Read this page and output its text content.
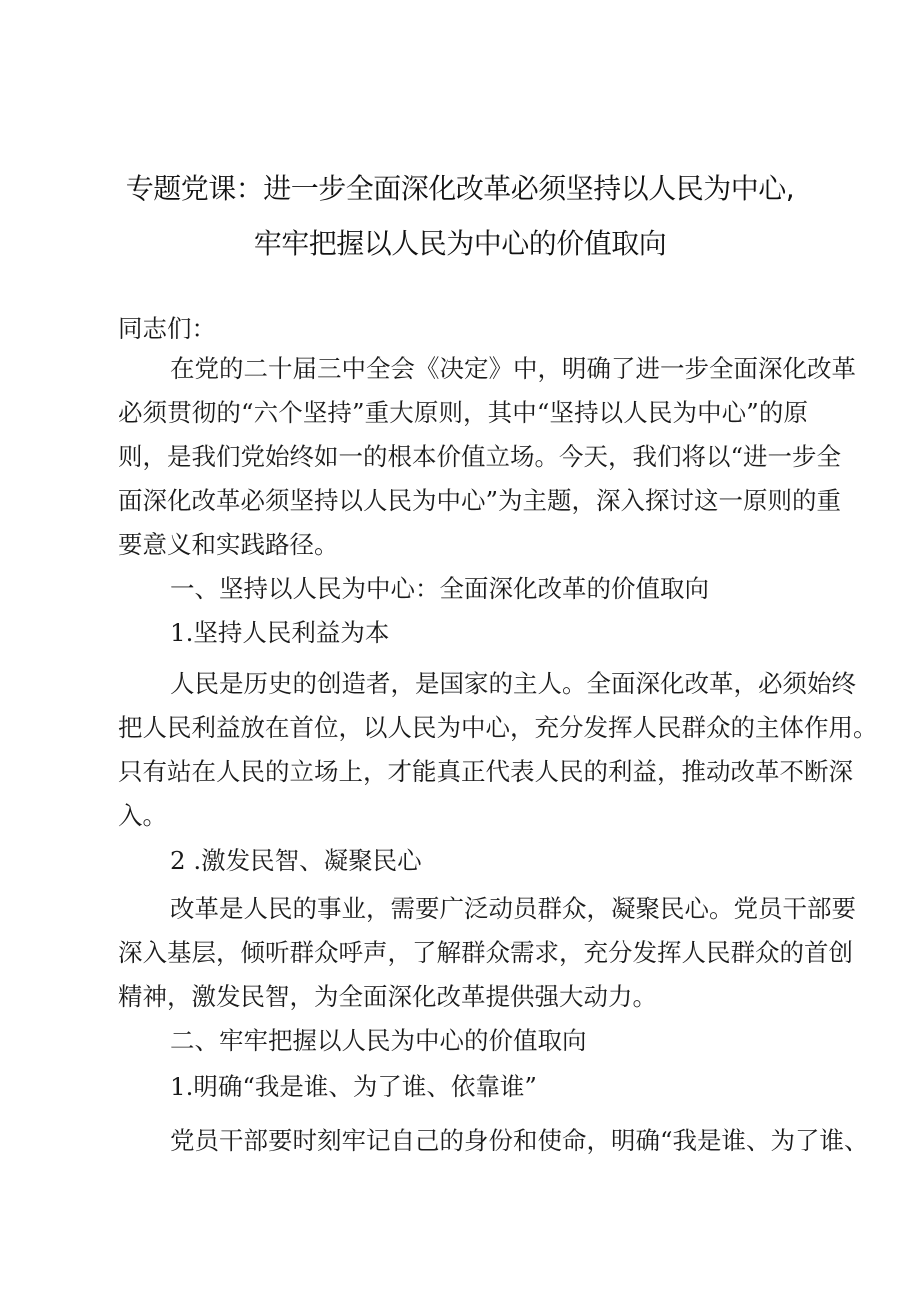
专题党课：进一步全面深化改革必须坚持以人民为中心,
牢牢把握以人民为中心的价值取向
同志们：
在党的二十届三中全会《决定》中，明确了进一步全面深化改革
必须贯彻的“六个坚持”重大原则，其中“坚持以人民为中心”的原
则，是我们党始终如一的根本价值立场。今天，我们将以“进一步全
面深化改革必须坚持以人民为中心”为主题，深入探讨这一原则的重
要意义和实践路径。
一、坚持以人民为中心：全面深化改革的价值取向
1.坚持人民利益为本
人民是历史的创造者，是国家的主人。全面深化改革，必须始终
把人民利益放在首位，以人民为中心，充分发挥人民群众的主体作用。
只有站在人民的立场上，才能真正代表人民的利益，推动改革不断深
入。
2 .激发民智、凝聚民心
改革是人民的事业，需要广泛动员群众，凝聚民心。党员干部要
深入基层，倾听群众呼声，了解群众需求，充分发挥人民群众的首创
精神，激发民智，为全面深化改革提供强大动力。
二、牢牢把握以人民为中心的价值取向
1.明确“我是谁、为了谁、依靠谁”
党员干部要时刻牢记自己的身份和使命，明确“我是谁、为了谁、
